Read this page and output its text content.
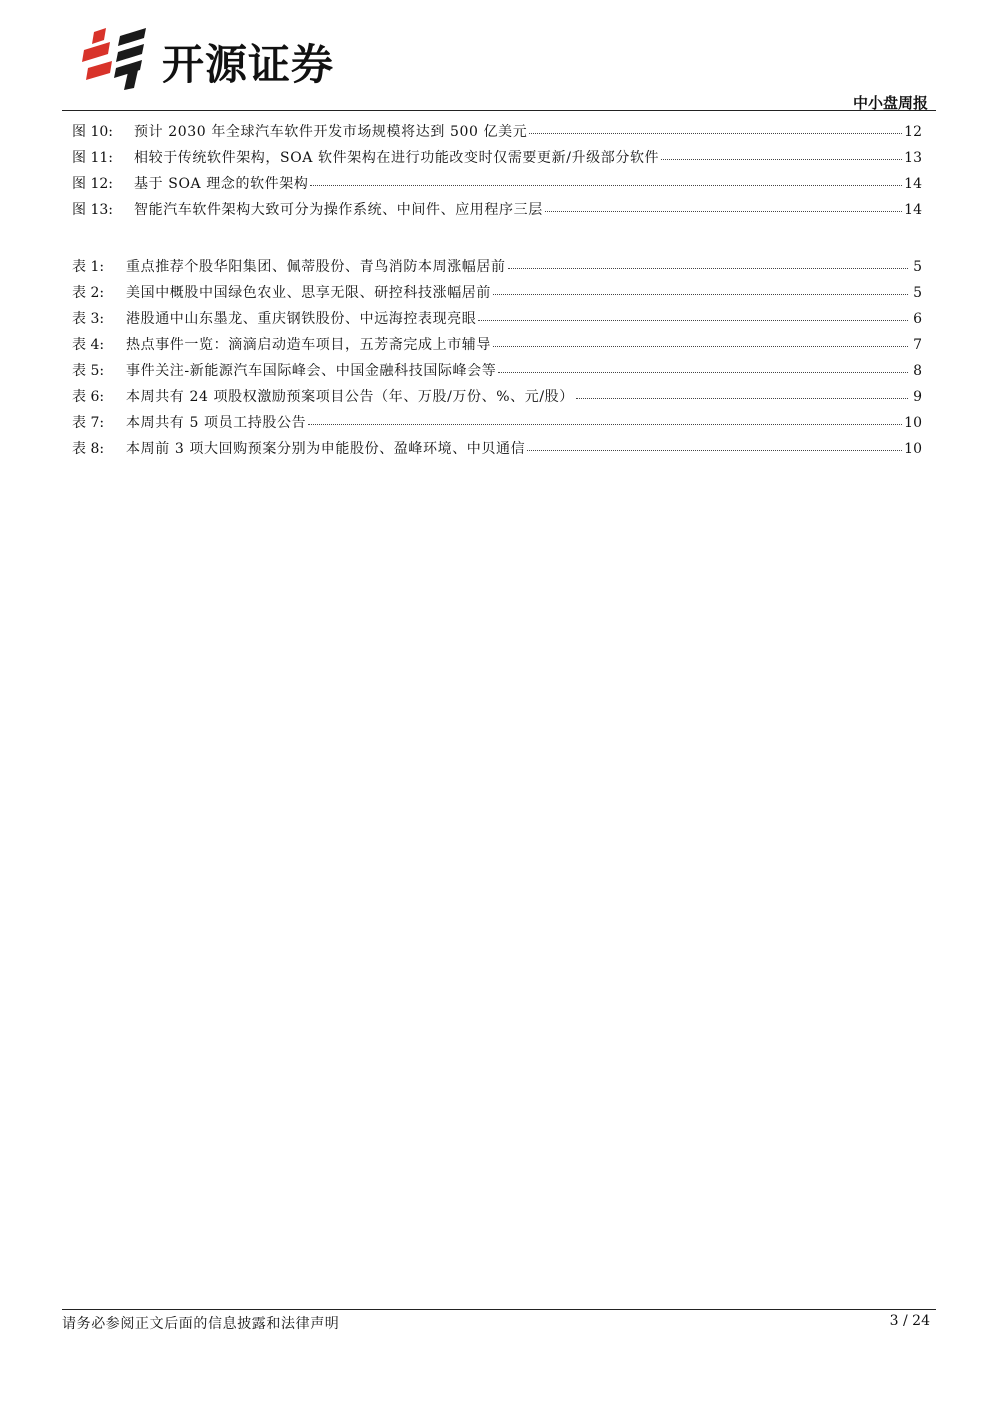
开源证券
中小盘周报
图 10:	预计 2030 年全球汽车软件开发市场规模将达到 500 亿美元	12
图 11:	相较于传统软件架构，SOA 软件架构在进行功能改变时仅需要更新/升级部分软件	13
图 12:	基于 SOA 理念的软件架构	14
图 13:	智能汽车软件架构大致可分为操作系统、中间件、应用程序三层	14
表 1:	重点推荐个股华阳集团、佩蒂股份、青鸟消防本周涨幅居前	5
表 2:	美国中概股中国绿色农业、思享无限、研控科技涨幅居前	5
表 3:	港股通中山东墨龙、重庆钢铁股份、中远海控表现亮眼	6
表 4:	热点事件一览：滴滴启动造车项目，五芳斋完成上市辅导	7
表 5:	事件关注-新能源汽车国际峰会、中国金融科技国际峰会等	8
表 6:	本周共有 24 项股权激励预案项目公告（年、万股/万份、%、元/股）	9
表 7:	本周共有 5 项员工持股公告	10
表 8:	本周前 3 项大回购预案分别为申能股份、盈峰环境、中贝通信	10
请务必参阅正文后面的信息披露和法律声明	3 / 24
